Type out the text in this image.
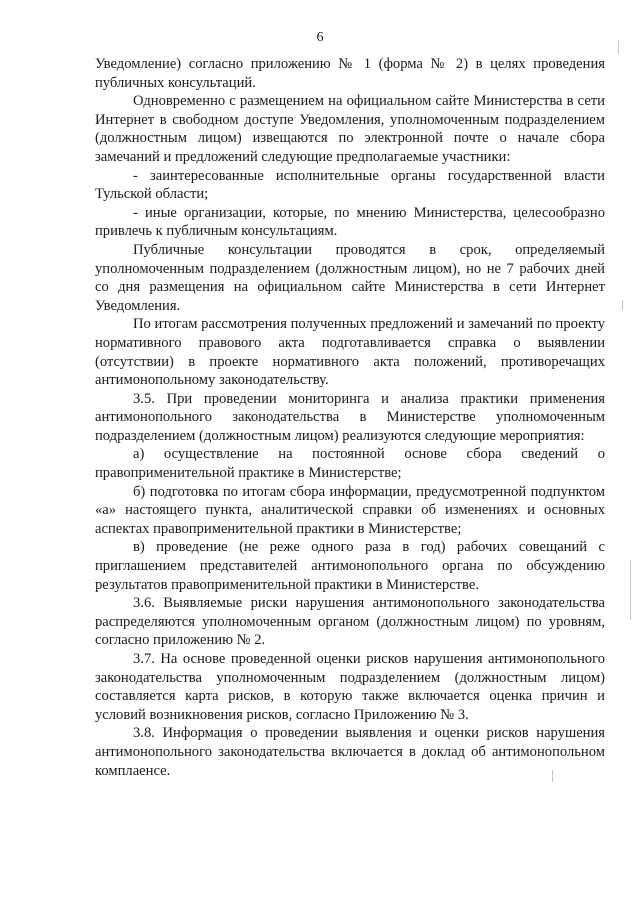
6

Уведомление) согласно приложению № 1 (форма № 2) в целях проведения публичных консультаций.

Одновременно с размещением на официальном сайте Министерства в сети Интернет в свободном доступе Уведомления, уполномоченным подразделением (должностным лицом) извещаются по электронной почте о начале сбора замечаний и предложений следующие предполагаемые участники:

- заинтересованные исполнительные органы государственной власти Тульской области;

- иные организации, которые, по мнению Министерства, целесообразно привлечь к публичным консультациям.

Публичные консультации проводятся в срок, определяемый уполномоченным подразделением (должностным лицом), но не 7 рабочих дней со дня размещения на официальном сайте Министерства в сети Интернет Уведомления.

По итогам рассмотрения полученных предложений и замечаний по проекту нормативного правового акта подготавливается справка о выявлении (отсутствии) в проекте нормативного акта положений, противоречащих антимонопольному законодательству.

3.5. При проведении мониторинга и анализа практики применения антимонопольного законодательства в Министерстве уполномоченным подразделением (должностным лицом) реализуются следующие мероприятия:

а) осуществление на постоянной основе сбора сведений о правоприменительной практике в Министерстве;

б) подготовка по итогам сбора информации, предусмотренной подпунктом «а» настоящего пункта, аналитической справки об изменениях и основных аспектах правоприменительной практики в Министерстве;

в) проведение (не реже одного раза в год) рабочих совещаний с приглашением представителей антимонопольного органа по обсуждению результатов правоприменительной практики в Министерстве.

3.6. Выявляемые риски нарушения антимонопольного законодательства распределяются уполномоченным органом (должностным лицом) по уровням, согласно приложению № 2.

3.7. На основе проведенной оценки рисков нарушения антимонопольного законодательства уполномоченным подразделением (должностным лицом) составляется карта рисков, в которую также включается оценка причин и условий возникновения рисков, согласно Приложению № 3.

3.8. Информация о проведении выявления и оценки рисков нарушения антимонопольного законодательства включается в доклад об антимонопольном комплаенсе.
